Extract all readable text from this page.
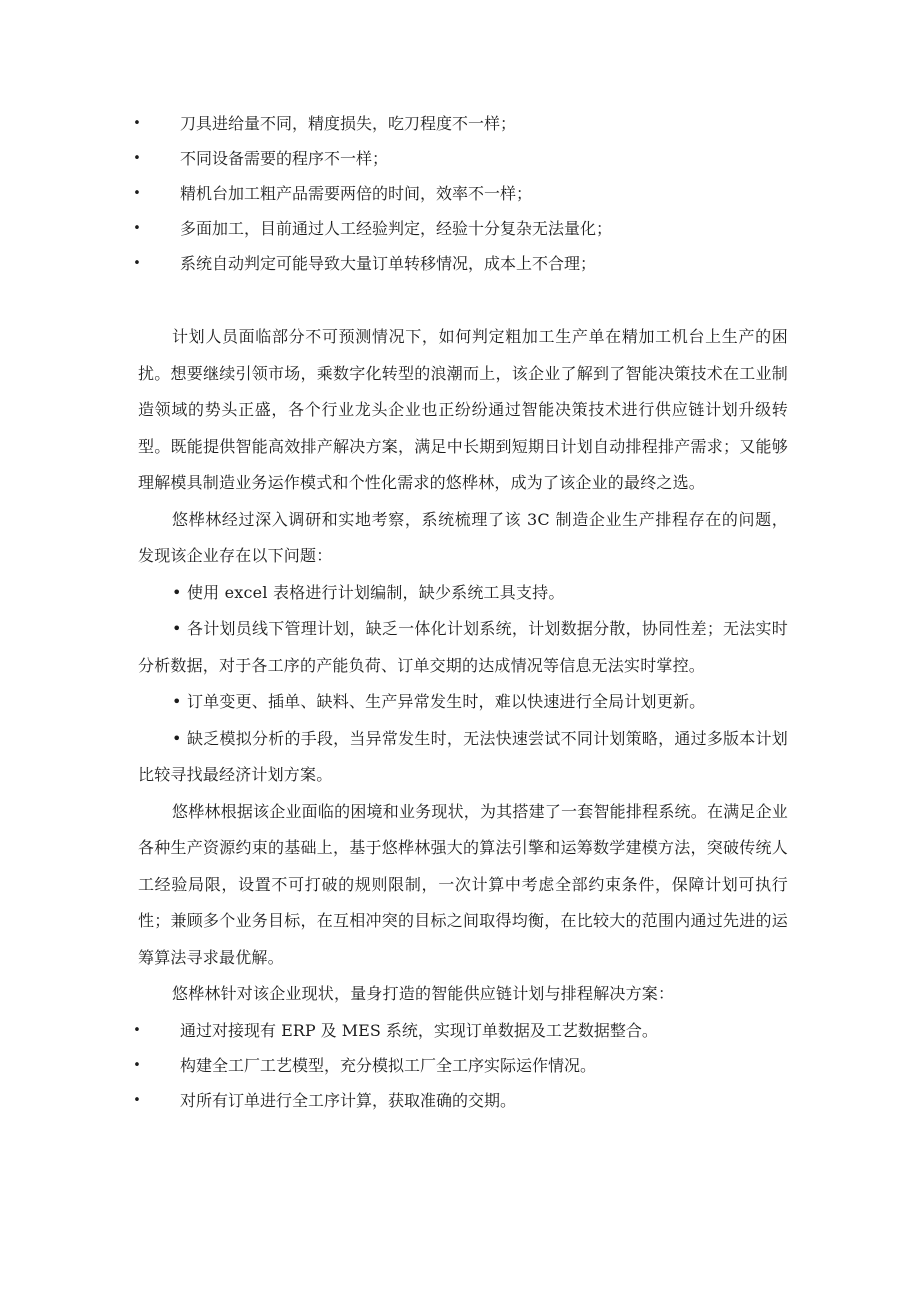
• 刀具进给量不同，精度损失，吃刀程度不一样；
• 不同设备需要的程序不一样；
• 精机台加工粗产品需要两倍的时间，效率不一样；
• 多面加工，目前通过人工经验判定，经验十分复杂无法量化；
• 系统自动判定可能导致大量订单转移情况，成本上不合理；

计划人员面临部分不可预测情况下，如何判定粗加工生产单在精加工机台上生产的困扰。想要继续引领市场，乘数字化转型的浪潮而上，该企业了解到了智能决策技术在工业制造领域的势头正盛，各个行业龙头企业也正纷纷通过智能决策技术进行供应链计划升级转型。既能提供智能高效排产解决方案，满足中长期到短期日计划自动排程排产需求；又能够理解模具制造业务运作模式和个性化需求的悠桦林，成为了该企业的最终之选。

悠桦林经过深入调研和实地考察，系统梳理了该 3C 制造企业生产排程存在的问题，发现该企业存在以下问题：

• 使用 excel 表格进行计划编制，缺少系统工具支持。

• 各计划员线下管理计划，缺乏一体化计划系统，计划数据分散，协同性差；无法实时分析数据，对于各工序的产能负荷、订单交期的达成情况等信息无法实时掌控。

• 订单变更、插单、缺料、生产异常发生时，难以快速进行全局计划更新。

• 缺乏模拟分析的手段，当异常发生时，无法快速尝试不同计划策略，通过多版本计划比较寻找最经济计划方案。

悠桦林根据该企业面临的困境和业务现状，为其搭建了一套智能排程系统。在满足企业各种生产资源约束的基础上，基于悠桦林强大的算法引擎和运筹数学建模方法，突破传统人工经验局限，设置不可打破的规则限制，一次计算中考虑全部约束条件，保障计划可执行性；兼顾多个业务目标，在互相冲突的目标之间取得均衡，在比较大的范围内通过先进的运筹算法寻求最优解。

悠桦林针对该企业现状，量身打造的智能供应链计划与排程解决方案：

• 通过对接现有 ERP 及 MES 系统，实现订单数据及工艺数据整合。
• 构建全工厂工艺模型，充分模拟工厂全工序实际运作情况。
• 对所有订单进行全工序计算，获取准确的交期。
